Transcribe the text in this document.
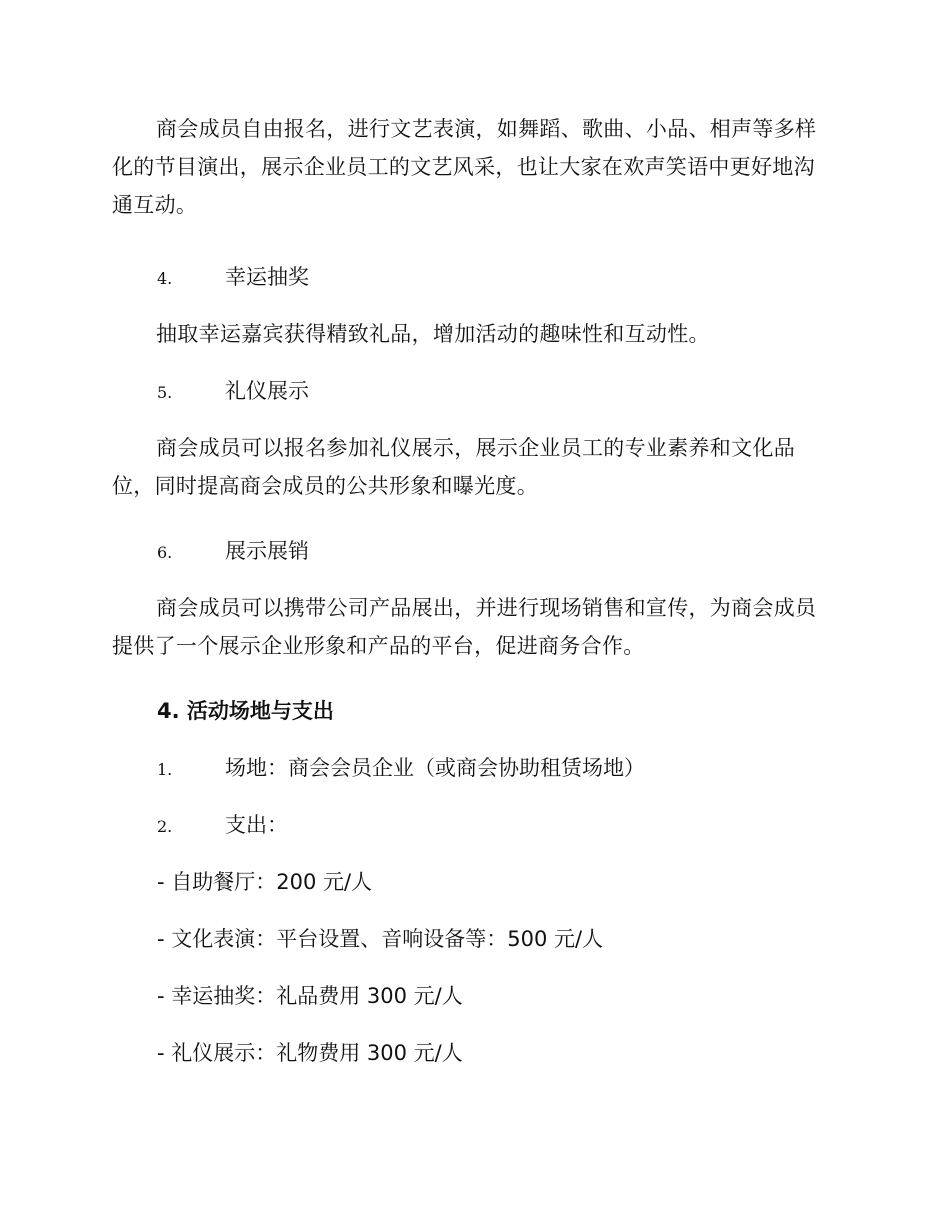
商会成员自由报名，进行文艺表演，如舞蹈、歌曲、小品、相声等多样化的节目演出，展示企业员工的文艺风采，也让大家在欢声笑语中更好地沟通互动。

4.	幸运抽奖

抽取幸运嘉宾获得精致礼品，增加活动的趣味性和互动性。

5.	礼仪展示

商会成员可以报名参加礼仪展示，展示企业员工的专业素养和文化品位，同时提高商会成员的公共形象和曝光度。

6.	展示展销

商会成员可以携带公司产品展出，并进行现场销售和宣传，为商会成员提供了一个展示企业形象和产品的平台，促进商务合作。

4. 活动场地与支出
1.	场地：商会会员企业（或商会协助租赁场地）
2.	支出：
- 自助餐厅：200 元/人
- 文化表演：平台设置、音响设备等：500 元/人
- 幸运抽奖：礼品费用 300 元/人
- 礼仪展示：礼物费用 300 元/人
